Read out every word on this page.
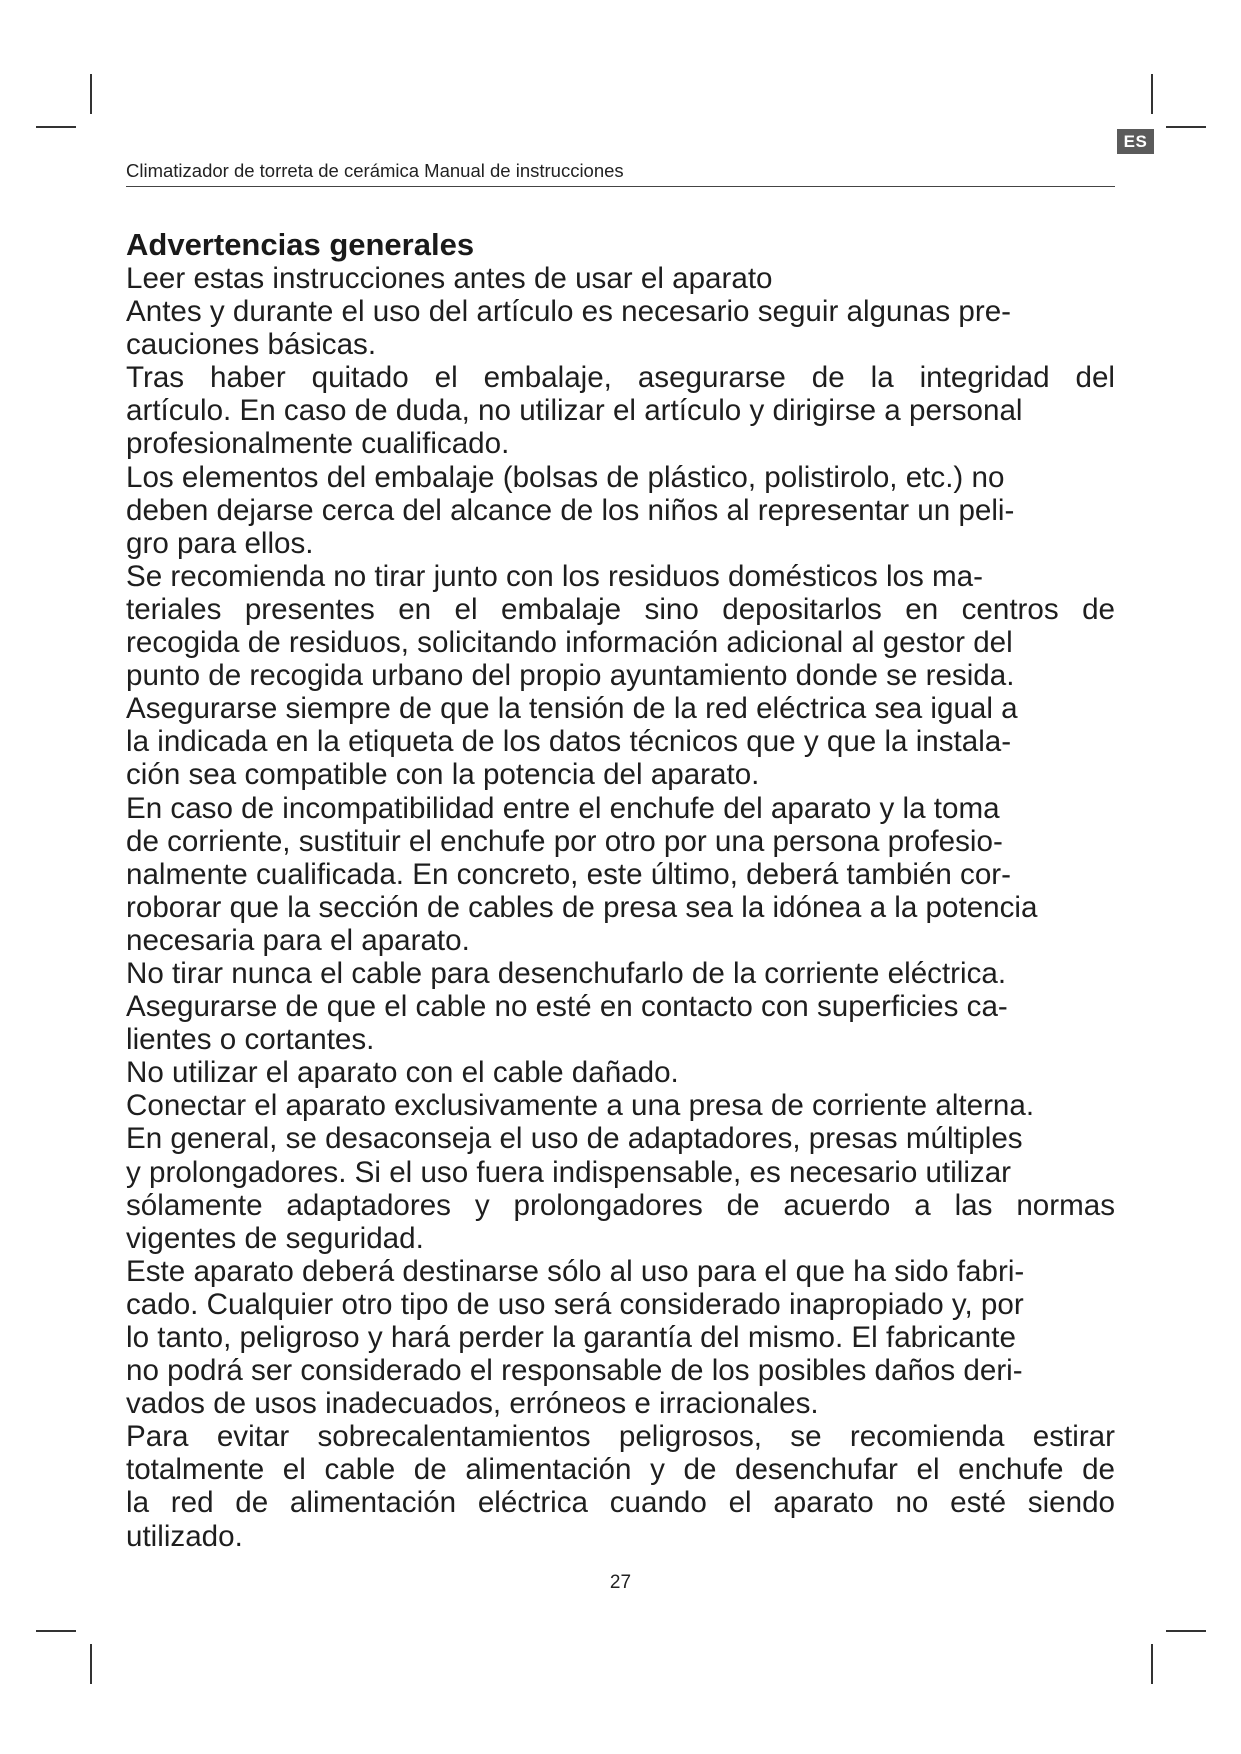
ES
Climatizador de torreta de cerámica Manual de instrucciones
Advertencias generales
Leer estas instrucciones antes de usar el aparato
Antes y durante el uso del artículo es necesario seguir algunas pre-
cauciones básicas.
Tras haber quitado el embalaje, asegurarse de la integridad del
artículo. En caso de duda, no utilizar el artículo y dirigirse a personal
profesionalmente cualificado.
Los elementos del embalaje (bolsas de plástico, polistirolo, etc.) no
deben dejarse cerca del alcance de los niños al representar un peli-
gro para ellos.
Se recomienda no tirar junto con los residuos domésticos los ma-
teriales presentes en el embalaje sino depositarlos en centros de
recogida de residuos, solicitando información adicional al gestor del
punto de recogida urbano del propio ayuntamiento donde se resida.
Asegurarse siempre de que la tensión de la red eléctrica sea igual a
la indicada en la etiqueta de los datos técnicos que y que la instala-
ción sea compatible con la potencia del aparato.
En caso de incompatibilidad entre el enchufe del aparato y la toma
de corriente, sustituir el enchufe por otro por una persona profesio-
nalmente cualificada. En concreto, este último, deberá también cor-
roborar que la sección de cables de presa sea la idónea a la potencia
necesaria para el aparato.
No tirar nunca el cable para desenchufarlo de la corriente eléctrica.
Asegurarse de que el cable no esté en contacto con superficies ca-
lientes o cortantes.
No utilizar el aparato con el cable dañado.
Conectar el aparato exclusivamente a una presa de corriente alterna.
En general, se desaconseja el uso de adaptadores, presas múltiples
y prolongadores. Si el uso fuera indispensable, es necesario utilizar
sólamente adaptadores y prolongadores de acuerdo a las normas
vigentes de seguridad.
Este aparato deberá destinarse sólo al uso para el que ha sido fabri-
cado. Cualquier otro tipo de uso será considerado inapropiado y, por
lo tanto, peligroso y hará perder la garantía del mismo. El fabricante
no podrá ser considerado el responsable de los posibles daños deri-
vados de usos inadecuados, erróneos e irracionales.
Para evitar sobrecalentamientos peligrosos, se recomienda estirar
totalmente el cable de alimentación y de desenchufar el enchufe de
la red de alimentación eléctrica cuando el aparato no esté siendo
utilizado.
27
